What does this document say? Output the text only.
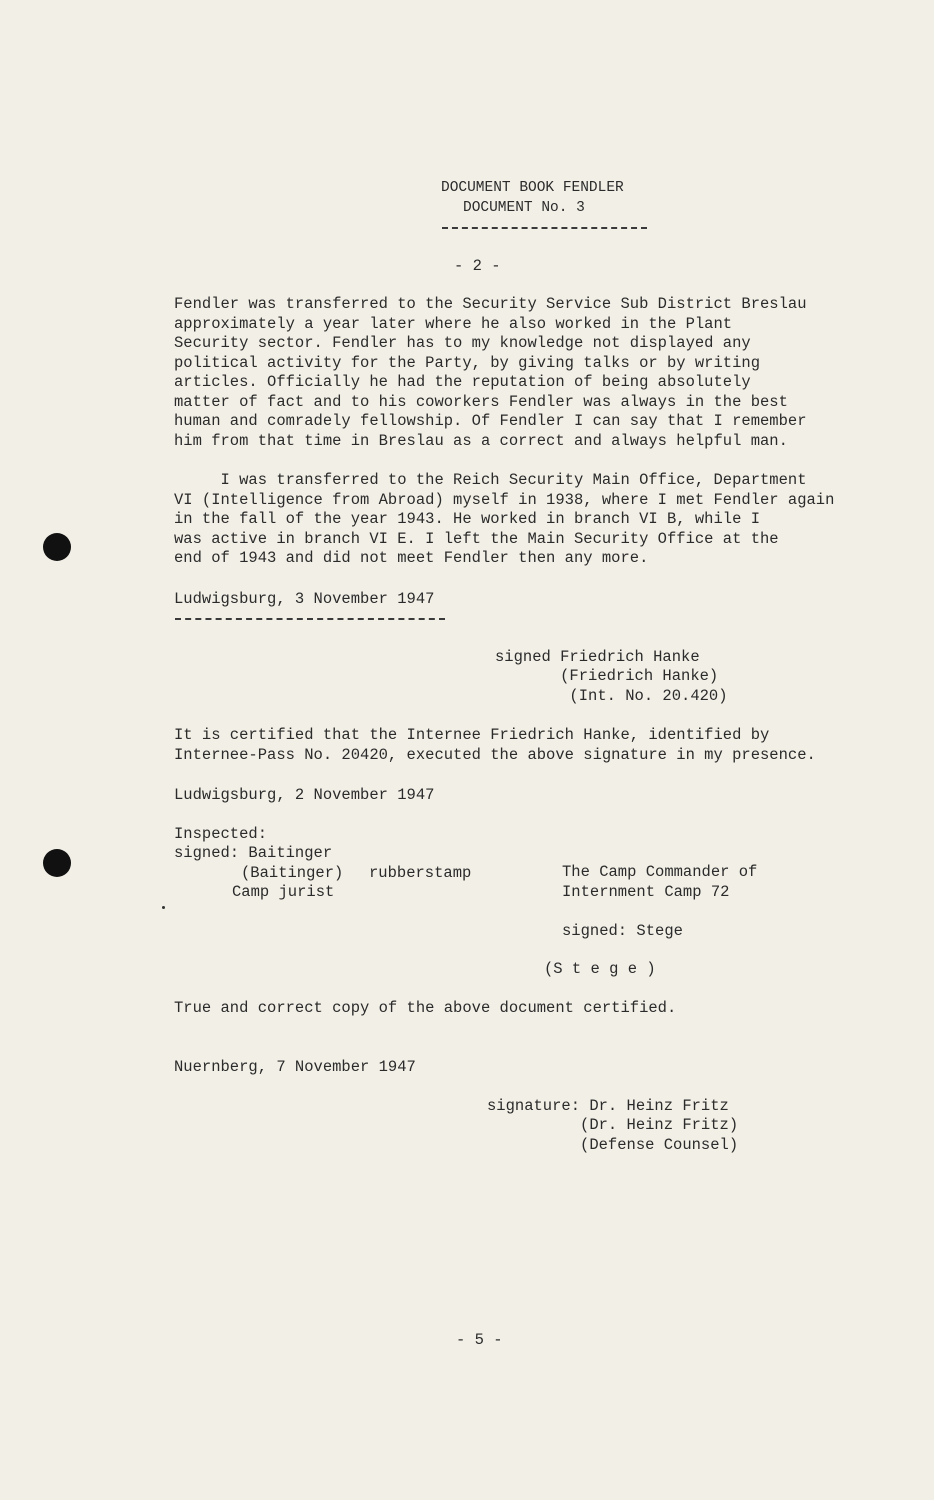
DOCUMENT BOOK FENDLER
DOCUMENT No. 3
- 2 -
Fendler was transferred to the Security Service Sub District Breslau
approximately a year later where he also worked in the Plant
Security sector. Fendler has to my knowledge not displayed any
political activity for the Party, by giving talks or by writing
articles. Officially he had the reputation of being absolutely
matter of fact and to his coworkers Fendler was always in the best
human and comradely fellowship. Of Fendler I can say that I remember
him from that time in Breslau as a correct and always helpful man.
I was transferred to the Reich Security Main Office, Department
VI (Intelligence from Abroad) myself in 1938, where I met Fendler again
in the fall of the year 1943. He worked in branch VI B, while I
was active in branch VI E. I left the Main Security Office at the
end of 1943 and did not meet Fendler then any more.
Ludwigsburg, 3 November 1947
signed Friedrich Hanke
(Friedrich Hanke)
(Int. No. 20.420)
It is certified that the Internee Friedrich Hanke, identified by
Internee-Pass No. 20420, executed the above signature in my presence.
Ludwigsburg, 2 November 1947
Inspected:
signed: Baitinger
(Baitinger) rubberstamp
Camp jurist
The Camp Commander of
Internment Camp 72
signed: Stege
(S t e g e )
True and correct copy of the above document certified.
Nuernberg, 7 November 1947
signature: Dr. Heinz Fritz
(Dr. Heinz Fritz)
(Defense Counsel)
- 5 -
